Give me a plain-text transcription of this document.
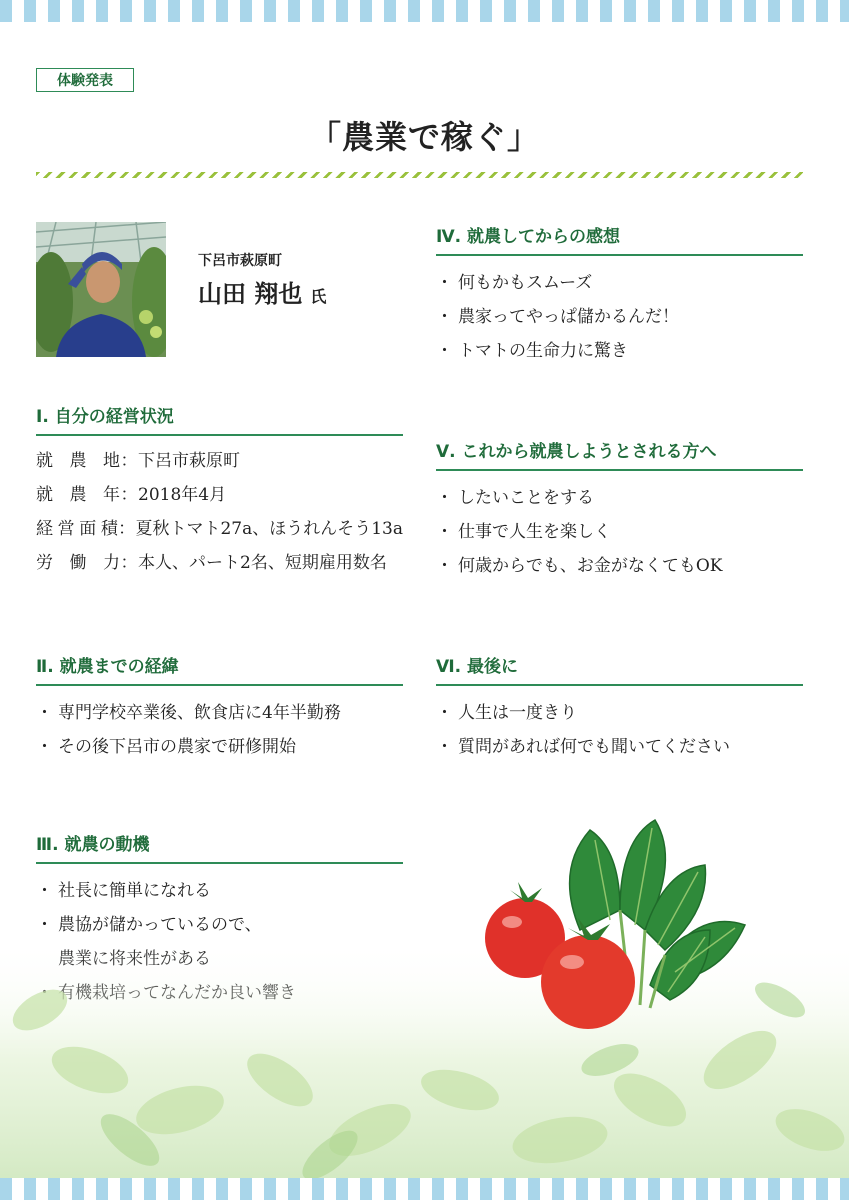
体験発表
「農業で稼ぐ」
下呂市萩原町
山田 翔也 氏
Ⅰ. 自分の経営状況
就農地 ： 下呂市萩原町
就農年 ： 2018年4月
経営面積 ： 夏秋トマト27a、ほうれんそう13a
労働力 ： 本人、パート2名、短期雇用数名
Ⅱ. 就農までの経緯
・ 専門学校卒業後、飲食店に4年半勤務
・ その後下呂市の農家で研修開始
Ⅲ. 就農の動機
・ 社長に簡単になれる
・ 農協が儲かっているので、
・
Ⅳ. 就農してからの感想
・ 何もかもスムーズ
・ 農家ってやっぱ儲かるんだ！
・ トマトの生命力に驚き
Ⅴ. これから就農しようとされる方へ
・ したいことをする
・ 仕事で人生を楽しく
・ 何歳からでも、お金がなくてもOK
Ⅵ. 最後に
・ 人生は一度きり
・ 質問があれば何でも聞いてください
